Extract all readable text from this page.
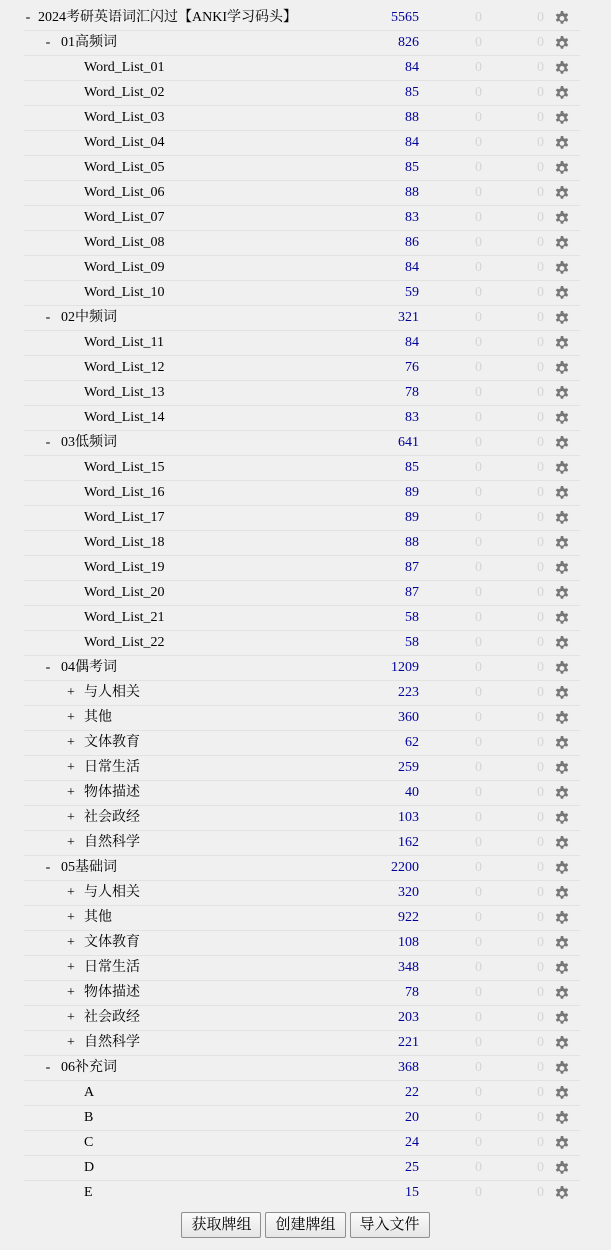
- 2024考研英语词汇闪过【ANKI学习码头】	5565	0	0
- 01高频词	826	0	0
Word_List_01	84	0	0
Word_List_02	85	0	0
Word_List_03	88	0	0
Word_List_04	84	0	0
Word_List_05	85	0	0
Word_List_06	88	0	0
Word_List_07	83	0	0
Word_List_08	86	0	0
Word_List_09	84	0	0
Word_List_10	59	0	0
- 02中频词	321	0	0
Word_List_11	84	0	0
Word_List_12	76	0	0
Word_List_13	78	0	0
Word_List_14	83	0	0
- 03低频词	641	0	0
Word_List_15	85	0	0
Word_List_16	89	0	0
Word_List_17	89	0	0
Word_List_18	88	0	0
Word_List_19	87	0	0
Word_List_20	87	0	0
Word_List_21	58	0	0
Word_List_22	58	0	0
- 04偶考词	1209	0	0
+ 与人相关	223	0	0
+ 其他	360	0	0
+ 文体教育	62	0	0
+ 日常生活	259	0	0
+ 物体描述	40	0	0
+ 社会政经	103	0	0
+ 自然科学	162	0	0
- 05基础词	2200	0	0
+ 与人相关	320	0	0
+ 其他	922	0	0
+ 文体教育	108	0	0
+ 日常生活	348	0	0
+ 物体描述	78	0	0
+ 社会政经	203	0	0
+ 自然科学	221	0	0
- 06补充词	368	0	0
A	22	0	0
B	20	0	0
C	24	0	0
D	25	0	0
E	15	0	0
获取牌组 创建牌组 导入文件
